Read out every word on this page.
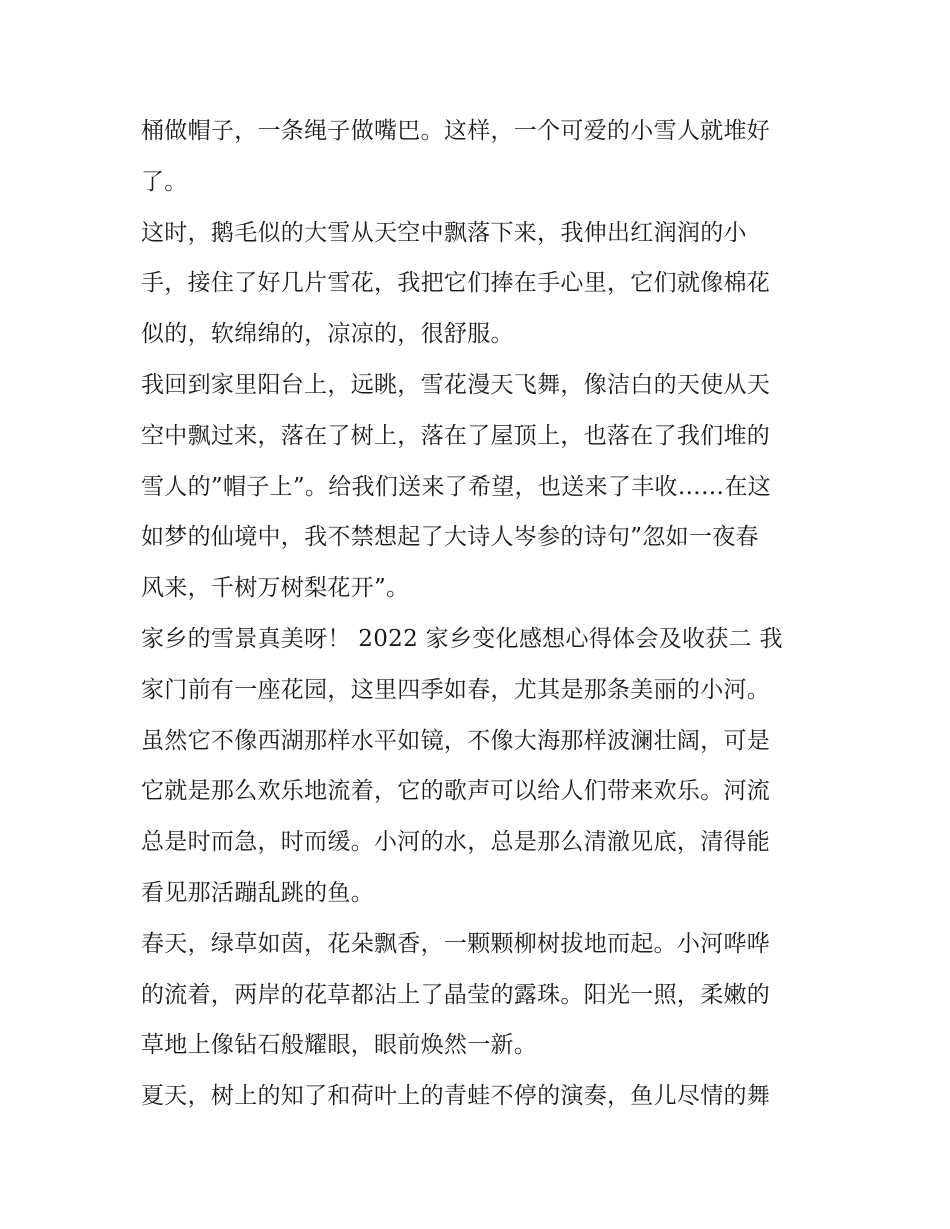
桶做帽子，一条绳子做嘴巴。这样，一个可爱的小雪人就堆好
了。
这时，鹅毛似的大雪从天空中飘落下来，我伸出红润润的小
手，接住了好几片雪花，我把它们捧在手心里，它们就像棉花
似的，软绵绵的，凉凉的，很舒服。
我回到家里阳台上，远眺，雪花漫天飞舞，像洁白的天使从天
空中飘过来，落在了树上，落在了屋顶上，也落在了我们堆的
雪人的”帽子上”。给我们送来了希望，也送来了丰收……在这
如梦的仙境中，我不禁想起了大诗人岑参的诗句”忽如一夜春
风来，千树万树梨花开”。
家乡的雪景真美呀！ 2022 家乡变化感想心得体会及收获二 我
家门前有一座花园，这里四季如春，尤其是那条美丽的小河。
虽然它不像西湖那样水平如镜，不像大海那样波澜壮阔，可是
它就是那么欢乐地流着，它的歌声可以给人们带来欢乐。河流
总是时而急，时而缓。小河的水，总是那么清澈见底，清得能
看见那活蹦乱跳的鱼。
春天，绿草如茵，花朵飘香，一颗颗柳树拔地而起。小河哗哗
的流着，两岸的花草都沾上了晶莹的露珠。阳光一照，柔嫩的
草地上像钻石般耀眼，眼前焕然一新。
夏天，树上的知了和荷叶上的青蛙不停的演奏，鱼儿尽情的舞
